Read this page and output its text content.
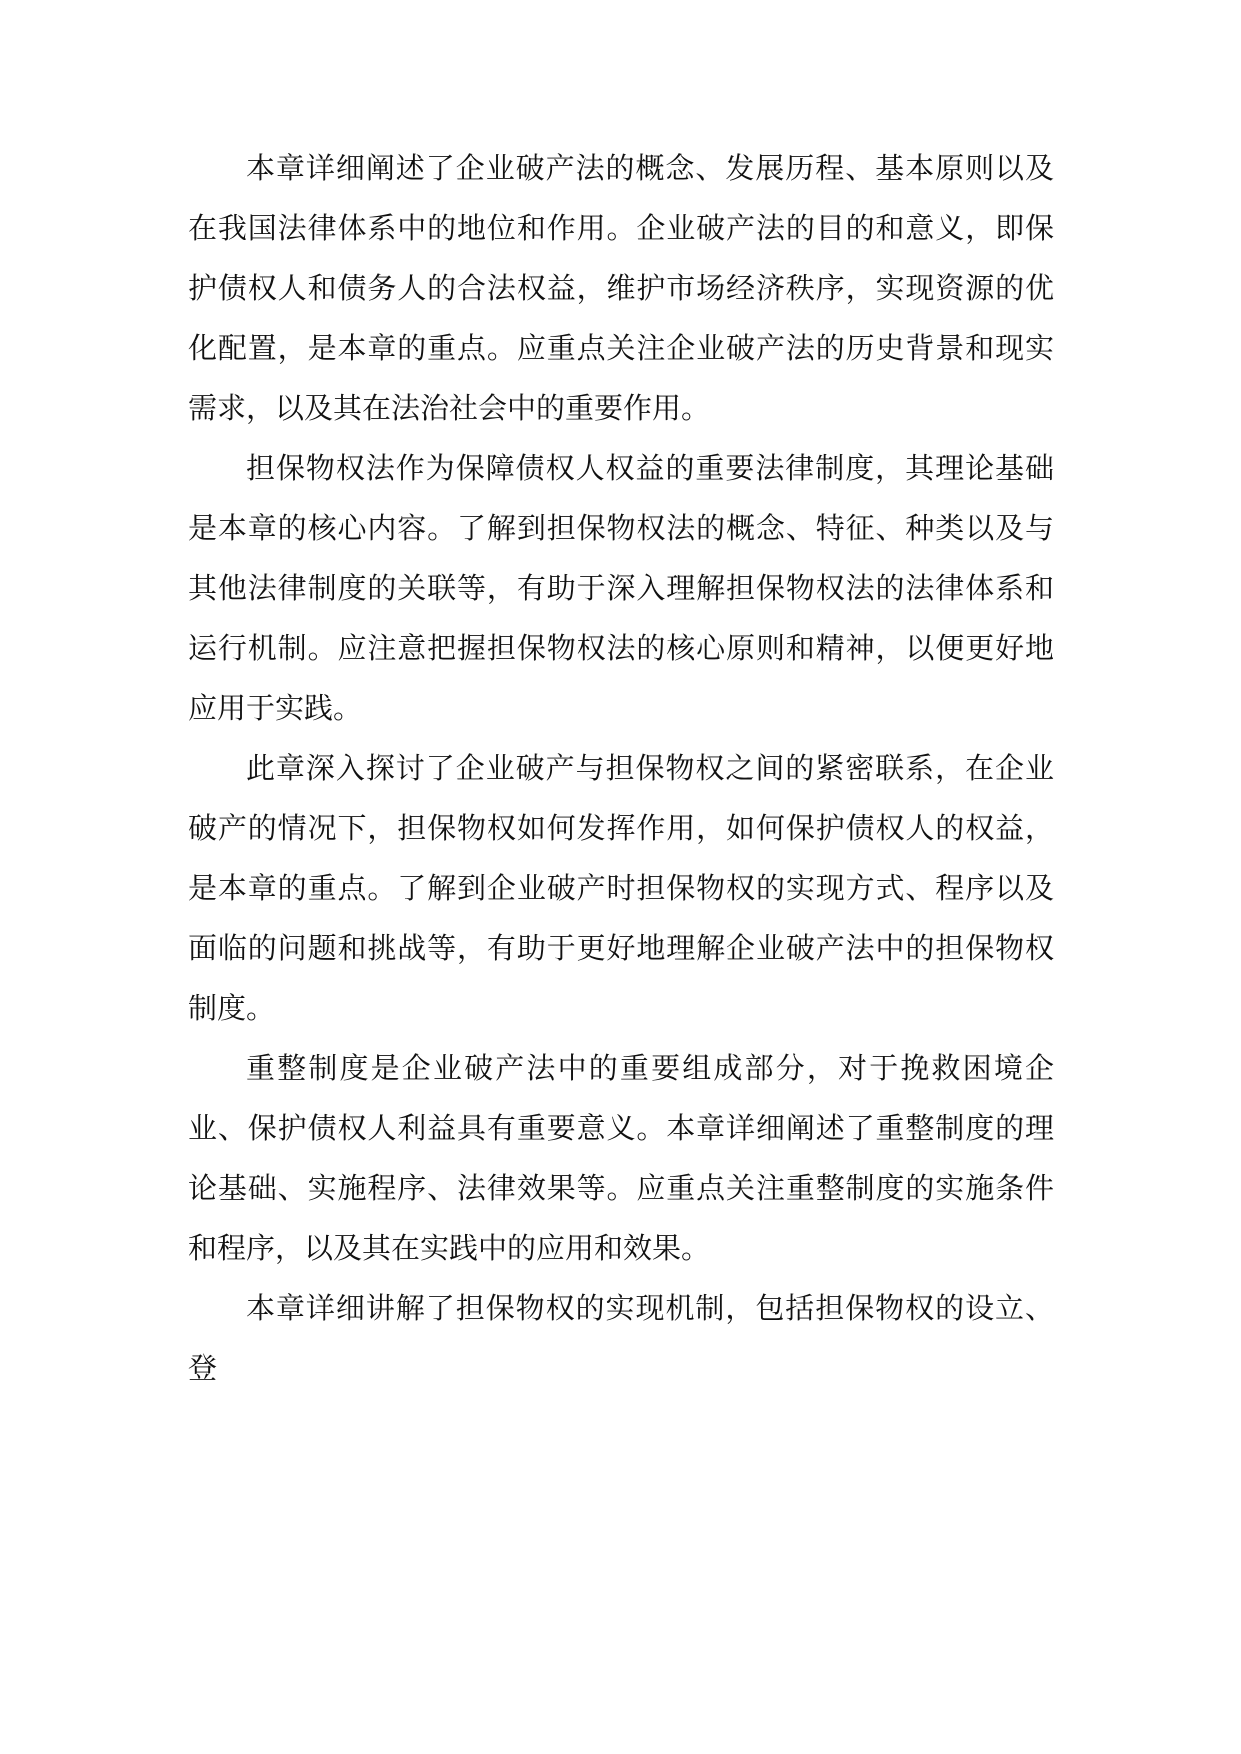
本章详细阐述了企业破产法的概念、发展历程、基本原则以及在我国法律体系中的地位和作用。企业破产法的目的和意义，即保护债权人和债务人的合法权益，维护市场经济秩序，实现资源的优化配置，是本章的重点。应重点关注企业破产法的历史背景和现实需求，以及其在法治社会中的重要作用。

担保物权法作为保障债权人权益的重要法律制度，其理论基础是本章的核心内容。了解到担保物权法的概念、特征、种类以及与其他法律制度的关联等，有助于深入理解担保物权法的法律体系和运行机制。应注意把握担保物权法的核心原则和精神，以便更好地应用于实践。

此章深入探讨了企业破产与担保物权之间的紧密联系，在企业破产的情况下，担保物权如何发挥作用，如何保护债权人的权益，是本章的重点。了解到企业破产时担保物权的实现方式、程序以及面临的问题和挑战等，有助于更好地理解企业破产法中的担保物权制度。

重整制度是企业破产法中的重要组成部分，对于挽救困境企业、保护债权人利益具有重要意义。本章详细阐述了重整制度的理论基础、实施程序、法律效果等。应重点关注重整制度的实施条件和程序，以及其在实践中的应用和效果。

本章详细讲解了担保物权的实现机制，包括担保物权的设立、登
